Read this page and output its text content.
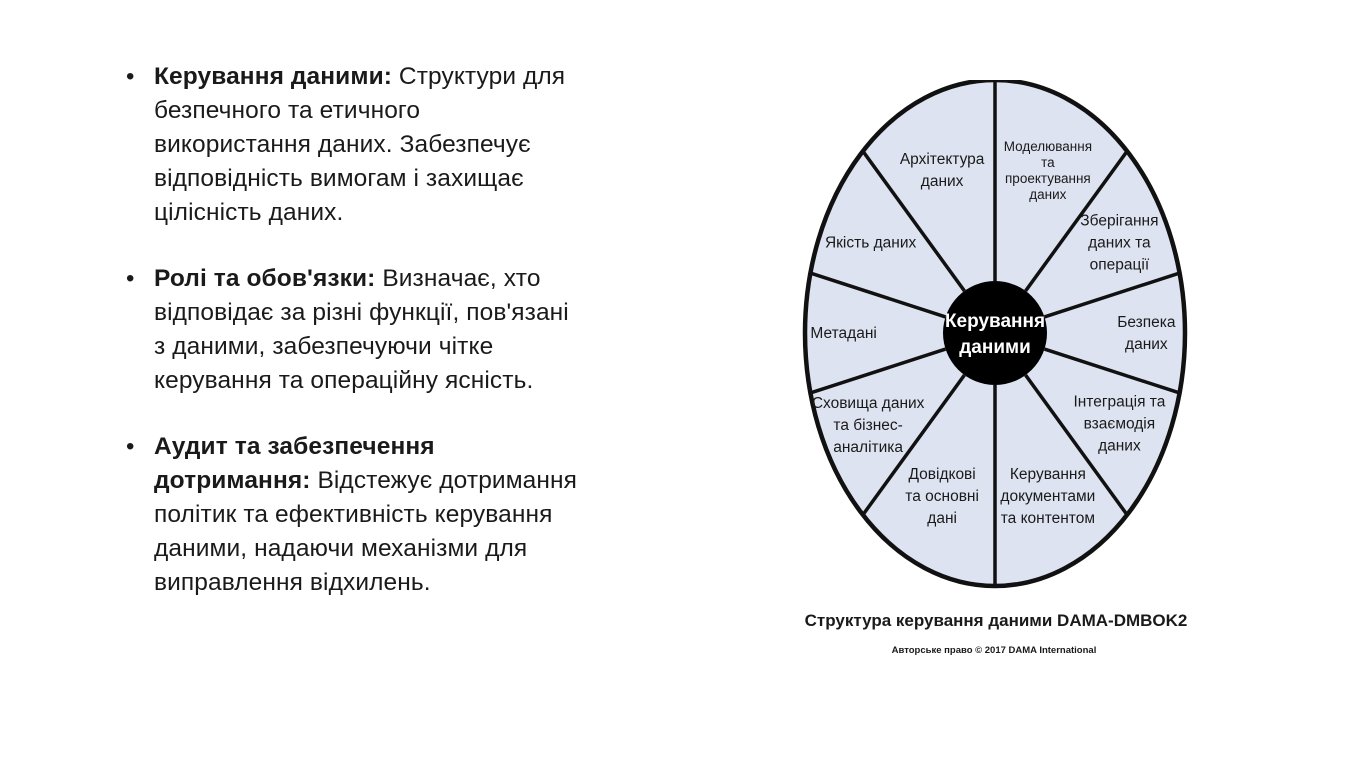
• Керування даними: Структури для безпечного та етичного використання даних. Забезпечує відповідність вимогам і захищає цілісність даних.
• Ролі та обов'язки: Визначає, хто відповідає за різні функції, пов'язані з даними, забезпечуючи чітке керування та операційну ясність.
• Аудит та забезпечення дотримання: Відстежує дотримання політик та ефективність керування даними, надаючи механізми для виправлення відхилень.
Моделювання
та
проектування
даних
Зберігання
даних та
операції
Безпека
даних
Інтеграція та
взаємодія
даних
Керування
документами
та контентом
Довідкові
та основні
дані
Сховища даних
та бізнес-
аналітика
Метадані
Якість даних
Архітектура
даних
Керування
даними
Структура керування даними DAMA-DMBOK2
Авторське право © 2017 DAMA International
